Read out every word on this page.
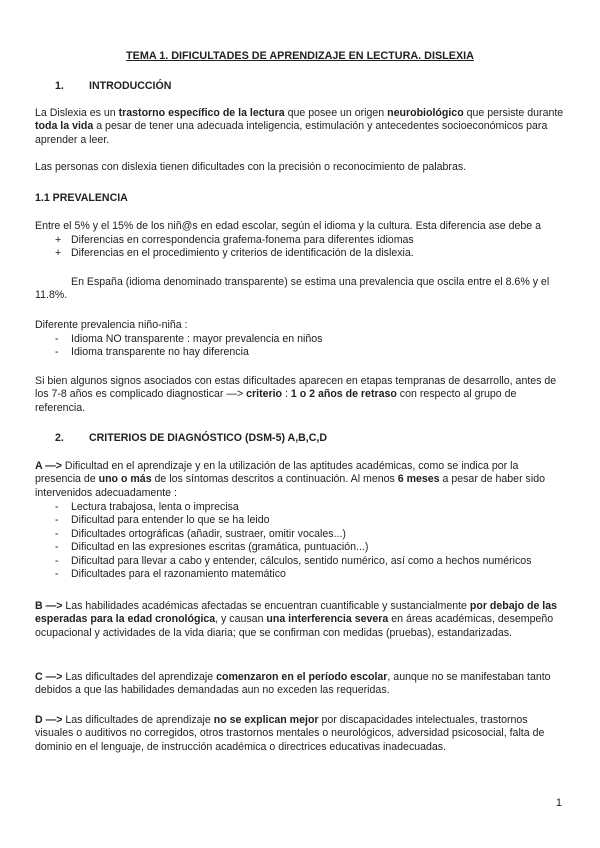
TEMA 1. DIFICULTADES DE APRENDIZAJE EN LECTURA. DISLEXIA
1. INTRODUCCIÓN
La Dislexia es un trastorno específico de la lectura que posee un origen neurobiológico que persiste durante toda la vida a pesar de tener una adecuada inteligencia, estimulación y antecedentes socioeconómicos para aprender a leer.
Las personas con dislexia tienen dificultades con la precisión o reconocimiento de palabras.
1.1 PREVALENCIA
Entre el 5% y el 15% de los niñ@s en edad escolar, según el idioma y la cultura. Esta diferencia ase debe a
+ Diferencias en correspondencia grafema-fonema para diferentes idiomas
+ Diferencias en el procedimiento y criterios de identificación de la dislexia.
En España (idioma denominado transparente) se estima una prevalencia que oscila entre el 8.6% y el 11.8%.
Diferente prevalencia niño-niña :
- Idioma NO transparente : mayor prevalencia en niños
- Idioma transparente no hay diferencia
Si bien algunos signos asociados con estas dificultades aparecen en etapas tempranas de desarrollo, antes de los 7-8 años es complicado diagnosticar —> criterio : 1 o 2 años de retraso con respecto al grupo de referencia.
2. CRITERIOS DE DIAGNÓSTICO (DSM-5) A,B,C,D
A —> Dificultad en el aprendizaje y en la utilización de las aptitudes académicas, como se indica por la presencia de uno o más de los síntomas descritos a continuación. Al menos 6 meses a pesar de haber sido intervenidos adecuadamente :
- Lectura trabajosa, lenta o imprecisa
- Dificultad para entender lo que se ha leido
- Dificultades ortográficas (añadir, sustraer, omitir vocales...)
- Dificultad en las expresiones escritas (gramática, puntuación...)
- Dificultad para llevar a cabo y entender, cálculos, sentido numérico, así como a hechos numéricos
- Dificultades para el razonamiento matemático
B —> Las habilidades académicas afectadas se encuentran cuantificable y sustancialmente por debajo de las esperadas para la edad cronológica, y causan una interferencia severa en áreas académicas, desempeño ocupacional y actividades de la vida diaria; que se confirman con medidas (pruebas), estandarizadas.
C —> Las dificultades del aprendizaje comenzaron en el período escolar, aunque no se manifestaban tanto debidos a que las habilidades demandadas aun no exceden las requeridas.
D —> Las dificultades de aprendizaje no se explican mejor por discapacidades intelectuales, trastornos visuales o auditivos no corregidos, otros trastornos mentales o neurológicos, adversidad psicosocial, falta de dominio en el lenguaje, de instrucción académica o directrices educativas inadecuadas.
1
